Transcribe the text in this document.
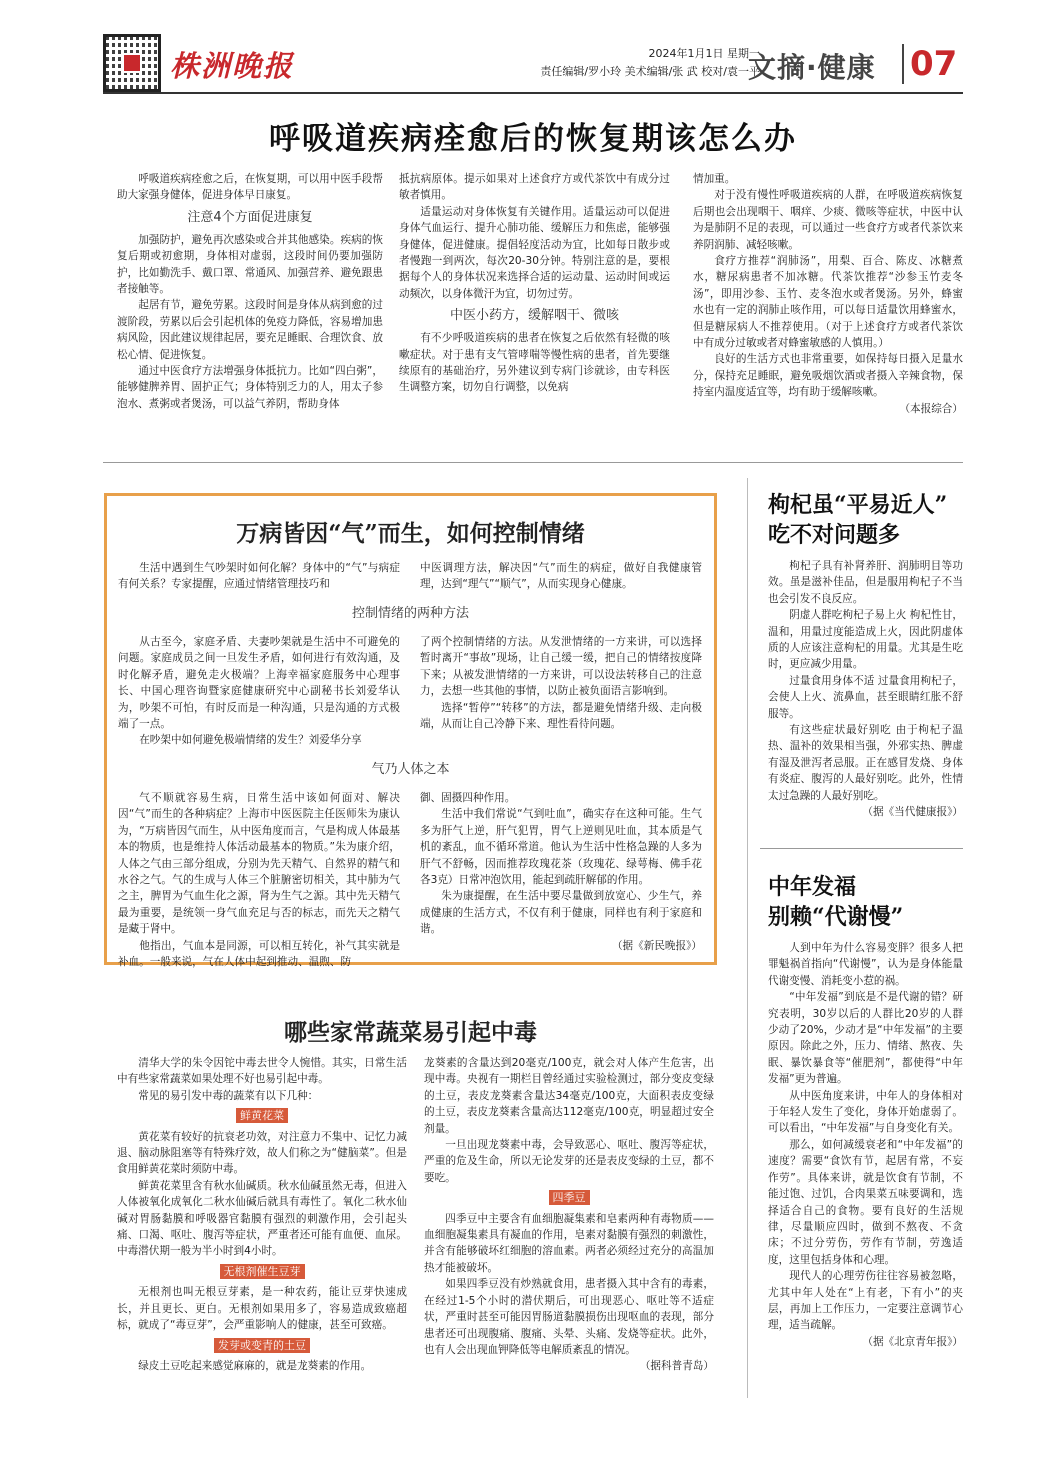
株洲晚报	2024年1月1日 星期一
责任编辑/罗小玲 美术编辑/张 武 校对/袁一平
文摘·健康 07
呼吸道疾病痊愈后的恢复期该怎么办

呼吸道疾病痊愈之后，在恢复期，可以用中医手段帮助大家强身健体，促进身体早日康复。

注意4个方面促进康复

加强防护，避免再次感染或合并其他感染。疾病的恢复后期或初愈期，身体相对虚弱，这段时间仍要加强防护，比如勤洗手、戴口罩、常通风、加强营养、避免跟患者接触等。

起居有节，避免劳累。这段时间是身体从病到愈的过渡阶段，劳累以后会引起机体的免疫力降低，容易增加患病风险，因此建议规律起居，要充足睡眠、合理饮食、放松心情、促进恢复。

通过中医食疗方法增强身体抵抗力。比如“四白粥”，能够健脾养胃、固护正气；身体特别乏力的人，用太子参泡水、煮粥或者煲汤，可以益气养阴，帮助身体

抵抗病原体。提示如果对上述食疗方或代茶饮中有成分过敏者慎用。

适量运动对身体恢复有关键作用。适量运动可以促进身体气血运行、提升心肺功能、缓解压力和焦虑，能够强身健体，促进健康。提倡轻度活动为宜，比如每日散步或者慢跑一到两次，每次20-30分钟。特别注意的是，要根据每个人的身体状况来选择合适的运动量、运动时间或运动频次，以身体微汗为宜，切勿过劳。

中医小药方，缓解咽干、微咳

有不少呼吸道疾病的患者在恢复之后依然有轻微的咳嗽症状。对于患有支气管哮喘等慢性病的患者，首先要继续原有的基础治疗，另外建议到专病门诊就诊，由专科医生调整方案，切勿自行调整，以免病

情加重。

对于没有慢性呼吸道疾病的人群，在呼吸道疾病恢复后期也会出现咽干、咽痒、少痰、微咳等症状，中医中认为是肺阴不足的表现，可以通过一些食疗方或者代茶饮来养阴润肺、减轻咳嗽。

食疗方推荐“润肺汤”，用梨、百合、陈皮、冰糖煮水，糖尿病患者不加冰糖。代茶饮推荐“沙参玉竹麦冬汤”，即用沙参、玉竹、麦冬泡水或者煲汤。另外，蜂蜜水也有一定的润肺止咳作用，可以每日适量饮用蜂蜜水，但是糖尿病人不推荐使用。（对于上述食疗方或者代茶饮中有成分过敏或者对蜂蜜敏感的人慎用。）

良好的生活方式也非常重要，如保持每日摄入足量水分，保持充足睡眠，避免吸烟饮酒或者摄入辛辣食物，保持室内温度适宜等，均有助于缓解咳嗽。

（本报综合）
万病皆因“气”而生，如何控制情绪

生活中遇到生气吵架时如何化解？身体中的“气”与病症有何关系？专家提醒，应通过情绪管理技巧和

中医调理方法，解决因“气”而生的病症，做好自我健康管理，达到“理气”“顺气”，从而实现身心健康。

控制情绪的两种方法

从古至今，家庭矛盾、夫妻吵架就是生活中不可避免的问题。家庭成员之间一旦发生矛盾，如何进行有效沟通，及时化解矛盾，避免走火极端？上海幸福家庭服务中心理事长、中国心理咨询暨家庭健康研究中心副秘书长刘爱华认为，吵架不可怕，有时反而是一种沟通，只是沟通的方式极端了一点。

在吵架中如何避免极端情绪的发生？刘爱华分享

了两个控制情绪的方法。从发泄情绪的一方来讲，可以选择暂时离开“事故”现场，让自己缓一缓，把自己的情绪按度降下来；从被发泄情绪的一方来讲，可以设法转移自己的注意力，去想一些其他的事情，以防止被负面语言影响到。

选择“暂停”“转移”的方法，都是避免情绪升级、走向极端，从而让自己冷静下来、理性看待问题。

气乃人体之本

气不顺就容易生病，日常生活中该如何面对、解决因“气”而生的各种病症？上海市中医医院主任医师朱为康认为，“万病皆因气而生，从中医角度而言，气是构成人体最基本的物质，也是维持人体活动最基本的物质。”朱为康介绍，人体之气由三部分组成，分别为先天精气、自然界的精气和水谷之气。气的生成与人体三个脏腑密切相关，其中肺为气之主，脾胃为气血生化之源，肾为生气之源。其中先天精气最为重要，是统领一身气血充足与否的标志，而先天之精气是藏于肾中。

他指出，气血本是同源，可以相互转化，补气其实就是补血。一般来说，气在人体中起到推动、温煦、防

御、固摄四种作用。

生活中我们常说“气到吐血”，确实存在这种可能。生气多为肝气上逆，肝气犯胃，胃气上逆则见吐血，其本质是气机的紊乱，血不循环常道。他认为生活中性格急躁的人多为肝气不舒畅，因而推荐玫瑰花茶（玫瑰花、绿萼梅、佛手花各3克）日常冲泡饮用，能起到疏肝解郁的作用。

朱为康提醒，在生活中要尽量做到放宽心、少生气，养成健康的生活方式，不仅有利于健康，同样也有利于家庭和谐。

（据《新民晚报》）
哪些家常蔬菜易引起中毒

清华大学的朱令因铊中毒去世令人惋惜。其实，日常生活中有些家常蔬菜如果处理不好也易引起中毒。

常见的易引发中毒的蔬菜有以下几种：

鲜黄花菜

黄花菜有较好的抗衰老功效，对注意力不集中、记忆力减退、脑动脉阻塞等有特殊疗效，故人们称之为“健脑菜”。但是食用鲜黄花菜时须防中毒。

鲜黄花菜里含有秋水仙碱质。秋水仙碱虽然无毒，但进入人体被氧化成氧化二秋水仙碱后就具有毒性了。氧化二秋水仙碱对胃肠黏膜和呼吸器官黏膜有强烈的刺激作用，会引起头痛、口渴、呕吐、腹泻等症状，严重者还可能有血便、血尿。中毒潜伏期一般为半小时到4小时。

无根剂催生豆芽

无根剂也叫无根豆芽素，是一种农药，能让豆芽快速成长，并且更长、更白。无根剂如果用多了，容易造成致癌超标，就成了“毒豆芽”，会严重影响人的健康，甚至可致癌。

发芽或变青的土豆

绿皮土豆吃起来感觉麻麻的，就是龙葵素的作用。

龙葵素的含量达到20毫克/100克，就会对人体产生危害，出现中毒。央视有一期栏目曾经通过实验检测过，部分变皮变绿的土豆，表皮龙葵素含量达34毫克/100克，大面积表皮变绿的土豆，表皮龙葵素含量高达112毫克/100克，明显超过安全剂量。

一旦出现龙葵素中毒，会导致恶心、呕吐、腹泻等症状，严重的危及生命，所以无论发芽的还是表皮变绿的土豆，都不要吃。

四季豆

四季豆中主要含有血细胞凝集素和皂素两种有毒物质——血细胞凝集素具有凝血的作用，皂素对黏膜有强烈的刺激性，并含有能够破坏红细胞的溶血素。两者必须经过充分的高温加热才能被破坏。

如果四季豆没有炒熟就食用，患者摄入其中含有的毒素，在经过1-5个小时的潜伏期后，可出现恶心、呕吐等不适症状，严重时甚至可能因胃肠道黏膜损伤出现呕血的表现，部分患者还可出现腹痛、腹痛、头晕、头痛、发烧等症状。此外，也有人会出现血钾降低等电解质紊乱的情况。

（据科普青岛）
枸杞虽“平易近人”
吃不对问题多

枸杞子具有补肾养肝、润肺明目等功效。虽是滋补佳品，但是服用枸杞子不当也会引发不良反应。

阴虚人群吃枸杞子易上火 枸杞性甘，温和，用量过度能造成上火，因此阴虚体质的人应该注意枸杞的用量。尤其是生吃时，更应减少用量。

过量食用身体不适 过量食用枸杞子，会使人上火、流鼻血，甚至眼睛红胀不舒服等。

有这些症状最好别吃 由于枸杞子温热、温补的效果相当强，外邪实热、脾虚有湿及泄泻者忌服。正在感冒发烧、身体有炎症、腹泻的人最好别吃。此外，性情太过急躁的人最好别吃。

（据《当代健康报》）
中年发福
别赖“代谢慢”

人到中年为什么容易变胖？很多人把罪魁祸首指向“代谢慢”，认为是身体能量代谢变慢、消耗变小惹的祸。

“中年发福”到底是不是代谢的错？研究表明，30岁以后的人群比20岁的人群少动了20%，少动才是“中年发福”的主要原因。除此之外，压力、情绪、熬夜、失眠、暴饮暴食等“催肥剂”，都使得“中年发福”更为普遍。

从中医角度来讲，中年人的身体相对于年轻人发生了变化，身体开始虚弱了。可以看出，“中年发福”与自身变化有关。

那么，如何减缓衰老和“中年发福”的速度？需要“食饮有节，起居有常，不妄作劳”。具体来讲，就是饮食有节制，不能过饱、过饥，合肉果菜五味要调和，选择适合自己的食物。要有良好的生活规律，尽量顺应四时，做到不熬夜、不贪床；不过分劳伤，劳作有节制，劳逸适度，这里包括身体和心理。

现代人的心理劳伤往往容易被忽略，尤其中年人处在“上有老，下有小”的夹层，再加上工作压力，一定要注意调节心理，适当疏解。

（据《北京青年报》）
